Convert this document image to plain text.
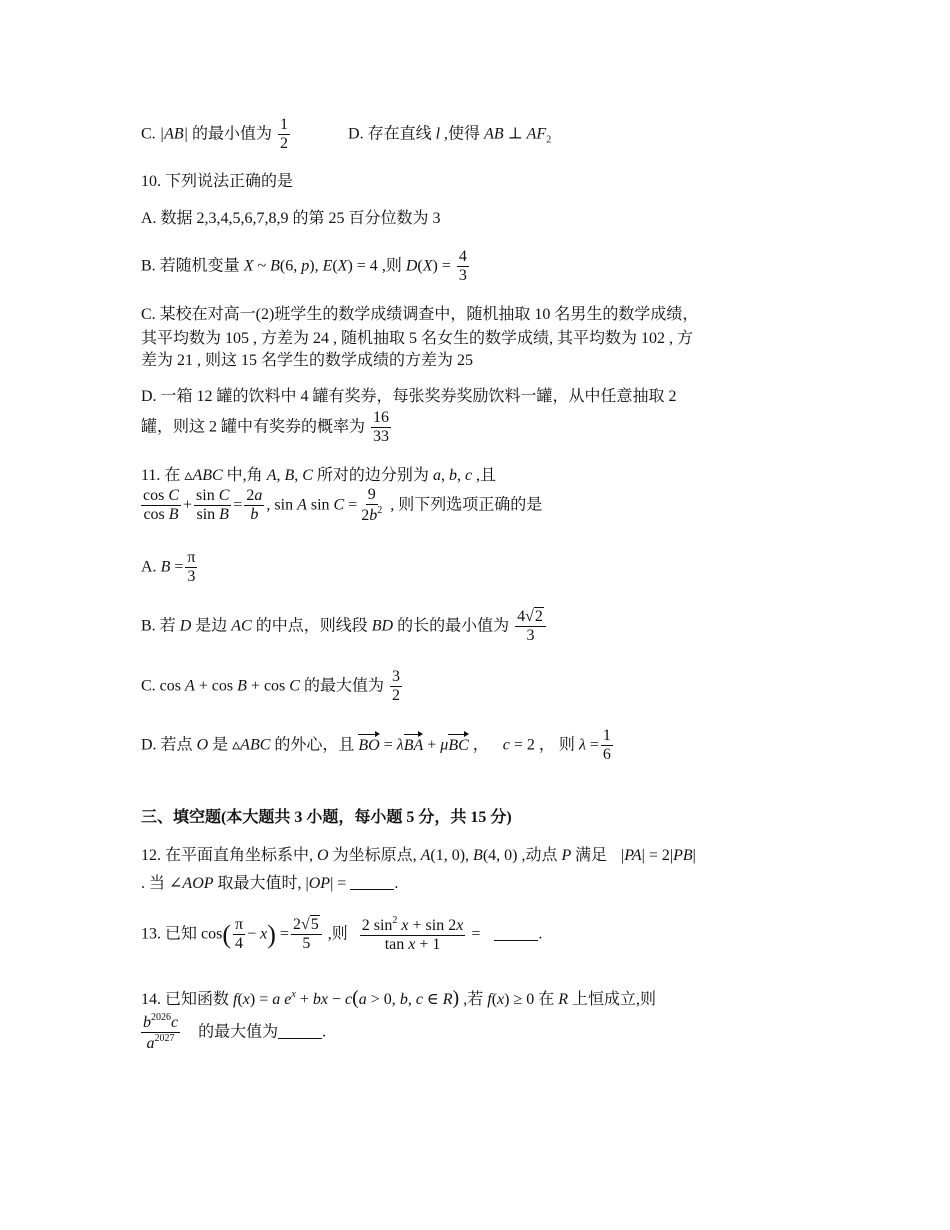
C. |AB| 的最小值为 $\frac{1}{2}$	D. 存在直线 l ,使得 AB ⊥ $AF_2$
10. 下列说法正确的是
A. 数据 2,3,4,5,6,7,8,9 的第 25 百分位数为 3
B. 若随机变量 X ~ B(6, p), E(X) = 4 ,则 $D(X) = \frac{4}{3}$
C. 某校在对高一(2)班学生的数学成绩调查中，随机抽取 10 名男生的数学成绩，
其平均数为 105 , 方差为 24 , 随机抽取 5 名女生的数学成绩, 其平均数为 102 , 方
差为 21 , 则这 15 名学生的数学成绩的方差为 25
D. 一箱 12 罐的饮料中 4 罐有奖券，每张奖券奖励饮料一罐，从中任意抽取 2
罐，则这 2 罐中有奖券的概率为 $\frac{16}{33}$
11. 在 ▵ABC 中,角 A, B, C 所对的边分别为 a, b, c ,且
$\frac{\text{cos C}}{\text{cos B}} + \frac{\text{sin C}}{\text{sin B}} = \frac{2a}{b}$ , sin A $\sin C = \frac{9}{2b^2}$ , 则下列选项正确的是
A. $B = \frac{\pi}{3}$
B. 若 D 是边 AC 的中点，则线段 BD 的长的最小值为 $\frac{4√2}{3}$
C. cos A + cos B + cos C 的最大值为 $\frac{3}{2}$
D. 若点 O 是 ▵ABC 的外心，且 BO = λBA + μBC ， c = 2 ， 则 $\lambda = \frac{1}{6}$
三、填空题(本大题共 3 小题，每小题 5 分，共 15 分)
12. 在平面直角坐标系中, O 为坐标原点, A(1, 0), B(4, 0) ,动点 P 满足 |PA| = 2|PB|
. 当 ∠AOP 取最大值时, |OP| =	.
13. 已知 $\cos( \frac{\pi}{4} - x) = \frac{2√5}{5}$ ,则 $\frac{2 \sin^2 x + \sin 2x}{\text{tan x + 1}}$ =	.
14. 已知函数 f(x) = a $e^x$ + bx − c(a > 0, b, c ∈ R) ,若 f(x) ≥ 0 在 R 上恒成立,则
$\frac{b^{2026}c}{a^{2027}}$ 的最大值为	.
